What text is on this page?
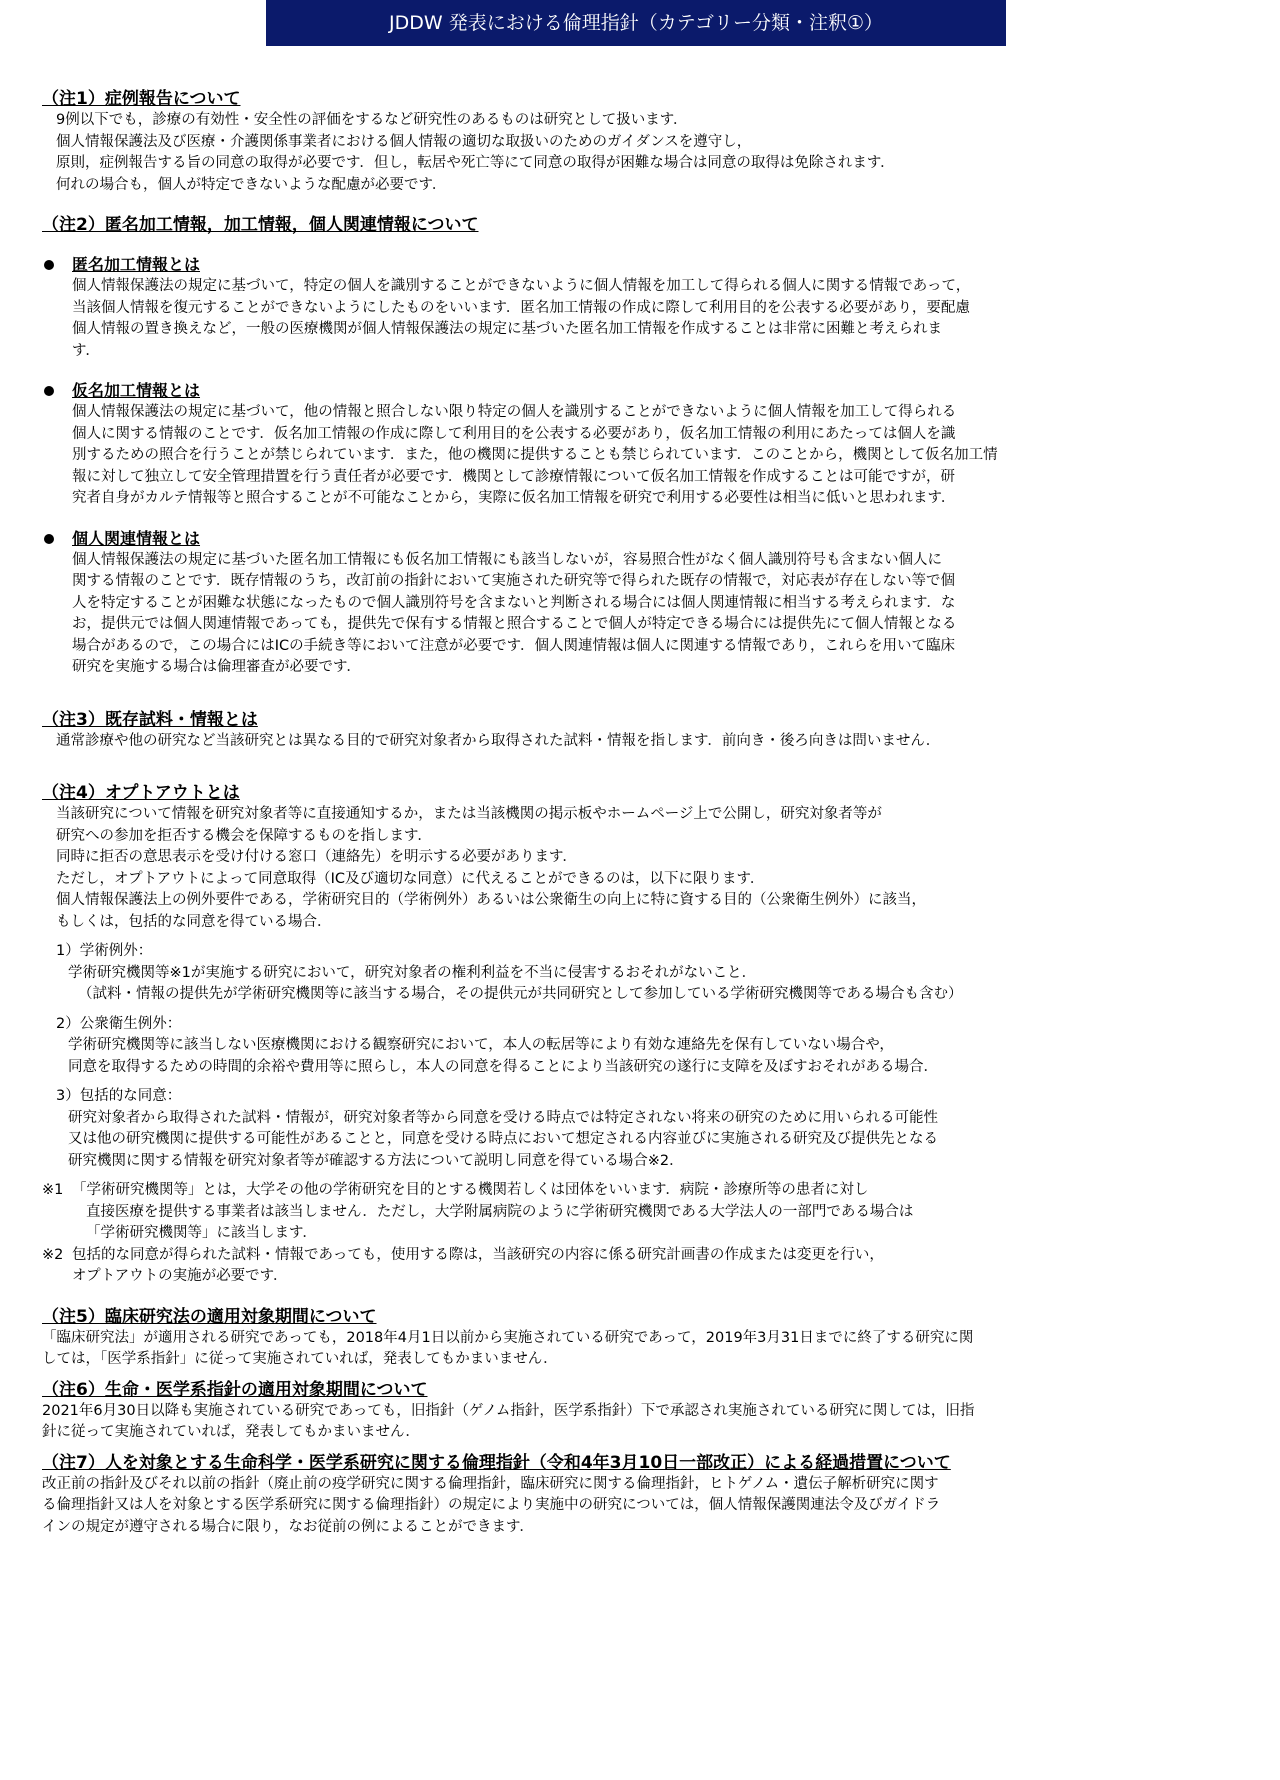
JDDW 発表における倫理指針（カテゴリー分類・注釈①）
（注1）症例報告について
9例以下でも，診療の有効性・安全性の評価をするなど研究性のあるものは研究として扱います．
個人情報保護法及び医療・介護関係事業者における個人情報の適切な取扱いのためのガイダンスを遵守し，
原則，症例報告する旨の同意の取得が必要です．但し，転居や死亡等にて同意の取得が困難な場合は同意の取得は免除されます．
何れの場合も，個人が特定できないような配慮が必要です．
（注2）匿名加工情報，加工情報，個人関連情報について
匿名加工情報とは
個人情報保護法の規定に基づいて，特定の個人を識別することができないように個人情報を加工して得られる個人に関する情報であって，
当該個人情報を復元することができないようにしたものをいいます．匿名加工情報の作成に際して利用目的を公表する必要があり，要配慮
個人情報の置き換えなど，一般の医療機関が個人情報保護法の規定に基づいた匿名加工情報を作成することは非常に困難と考えられま
す．
仮名加工情報とは
個人情報保護法の規定に基づいて，他の情報と照合しない限り特定の個人を識別することができないように個人情報を加工して得られる
個人に関する情報のことです．仮名加工情報の作成に際して利用目的を公表する必要があり，仮名加工情報の利用にあたっては個人を識
別するための照合を行うことが禁じられています．また，他の機関に提供することも禁じられています．このことから，機関として仮名加工情
報に対して独立して安全管理措置を行う責任者が必要です．機関として診療情報について仮名加工情報を作成することは可能ですが，研
究者自身がカルテ情報等と照合することが不可能なことから，実際に仮名加工情報を研究で利用する必要性は相当に低いと思われます．
個人関連情報とは
個人情報保護法の規定に基づいた匿名加工情報にも仮名加工情報にも該当しないが，容易照合性がなく個人識別符号も含まない個人に
関する情報のことです．既存情報のうち，改訂前の指針において実施された研究等で得られた既存の情報で，対応表が存在しない等で個
人を特定することが困難な状態になったもので個人識別符号を含まないと判断される場合には個人関連情報に相当する考えられます．な
お，提供元では個人関連情報であっても，提供先で保有する情報と照合することで個人が特定できる場合には提供先にて個人情報となる
場合があるので，この場合にはICの手続き等において注意が必要です．個人関連情報は個人に関連する情報であり，これらを用いて臨床
研究を実施する場合は倫理審査が必要です．
（注3）既存試料・情報とは
通常診療や他の研究など当該研究とは異なる目的で研究対象者から取得された試料・情報を指します．前向き・後ろ向きは問いません．
（注4）オプトアウトとは
当該研究について情報を研究対象者等に直接通知するか，または当該機関の掲示板やホームページ上で公開し，研究対象者等が
研究への参加を拒否する機会を保障するものを指します．
同時に拒否の意思表示を受け付ける窓口（連絡先）を明示する必要があります．
ただし，オプトアウトによって同意取得（IC及び適切な同意）に代えることができるのは，以下に限ります．
個人情報保護法上の例外要件である，学術研究目的（学術例外）あるいは公衆衛生の向上に特に資する目的（公衆衛生例外）に該当，
もしくは，包括的な同意を得ている場合．
1）学術例外：
学術研究機関等※1が実施する研究において，研究対象者の権利利益を不当に侵害するおそれがないこと．
（試料・情報の提供先が学術研究機関等に該当する場合，その提供元が共同研究として参加している学術研究機関等である場合も含む）
2）公衆衛生例外：
学術研究機関等に該当しない医療機関における観察研究において，本人の転居等により有効な連絡先を保有していない場合や，
同意を取得するための時間的余裕や費用等に照らし，本人の同意を得ることにより当該研究の遂行に支障を及ぼすおそれがある場合．
3）包括的な同意：
研究対象者から取得された試料・情報が，研究対象者等から同意を受ける時点では特定されない将来の研究のために用いられる可能性
又は他の研究機関に提供する可能性があることと，同意を受ける時点において想定される内容並びに実施される研究及び提供先となる
研究機関に関する情報を研究対象者等が確認する方法について説明し同意を得ている場合※2．
※1 「学術研究機関等」とは，大学その他の学術研究を目的とする機関若しくは団体をいいます．病院・診療所等の患者に対し
直接医療を提供する事業者は該当しません．ただし，大学附属病院のように学術研究機関である大学法人の一部門である場合は
「学術研究機関等」に該当します．
※2 包括的な同意が得られた試料・情報であっても，使用する際は，当該研究の内容に係る研究計画書の作成または変更を行い，
オプトアウトの実施が必要です．
（注5）臨床研究法の適用対象期間について
「臨床研究法」が適用される研究であっても，2018年4月1日以前から実施されている研究であって，2019年3月31日までに終了する研究に関
しては，「医学系指針」に従って実施されていれば，発表してもかまいません．
（注6）生命・医学系指針の適用対象期間について
2021年6月30日以降も実施されている研究であっても，旧指針（ゲノム指針，医学系指針）下で承認され実施されている研究に関しては，旧指
針に従って実施されていれば，発表してもかまいません．
（注7）人を対象とする生命科学・医学系研究に関する倫理指針（令和4年3月10日一部改正）による経過措置について
改正前の指針及びそれ以前の指針（廃止前の疫学研究に関する倫理指針，臨床研究に関する倫理指針，ヒトゲノム・遺伝子解析研究に関す
る倫理指針又は人を対象とする医学系研究に関する倫理指針）の規定により実施中の研究については，個人情報保護関連法令及びガイドラ
インの規定が遵守される場合に限り，なお従前の例によることができます．
